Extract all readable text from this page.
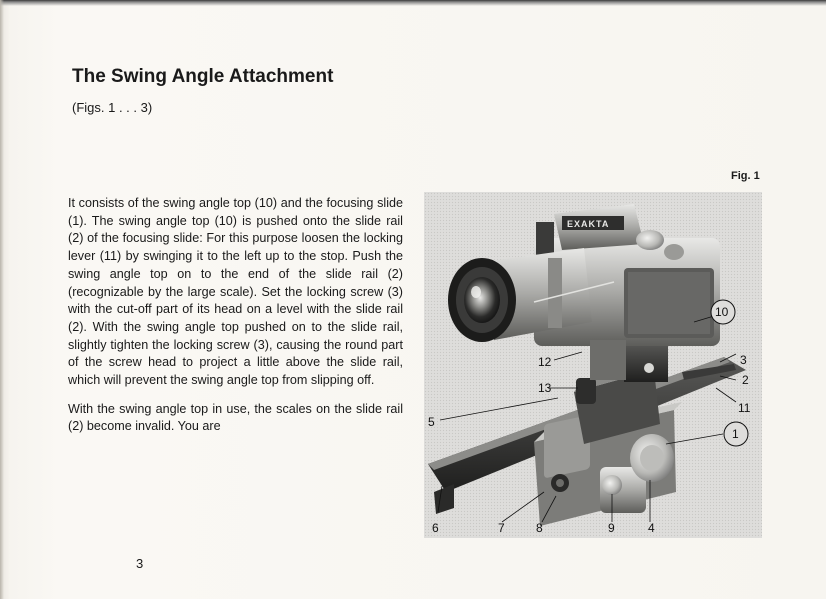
The Swing Angle Attachment
(Figs. 1 . . . 3)

It consists of the swing angle top (10) and the focusing slide (1). The swing angle top (10) is pushed onto the slide rail (2) of the focusing slide: For this purpose loosen the locking lever (11) by swinging it to the left up to the stop. Push the swing angle top on to the end of the slide rail (2) (recognizable by the large scale). Set the locking screw (3) with the cut-off part of its head on a level with the slide rail (2). With the swing angle top pushed on to the slide rail, slightly tighten the locking screw (3), causing the round part of the screw head to project a little above the slide rail, which will prevent the swing angle top from slipping off.

With the swing angle top in use, the scales on the slide rail (2) become invalid. You are

3
Fig. 1
EXAKTA
10
3
2
11
1
12
13
5
6	7	8	9	4
